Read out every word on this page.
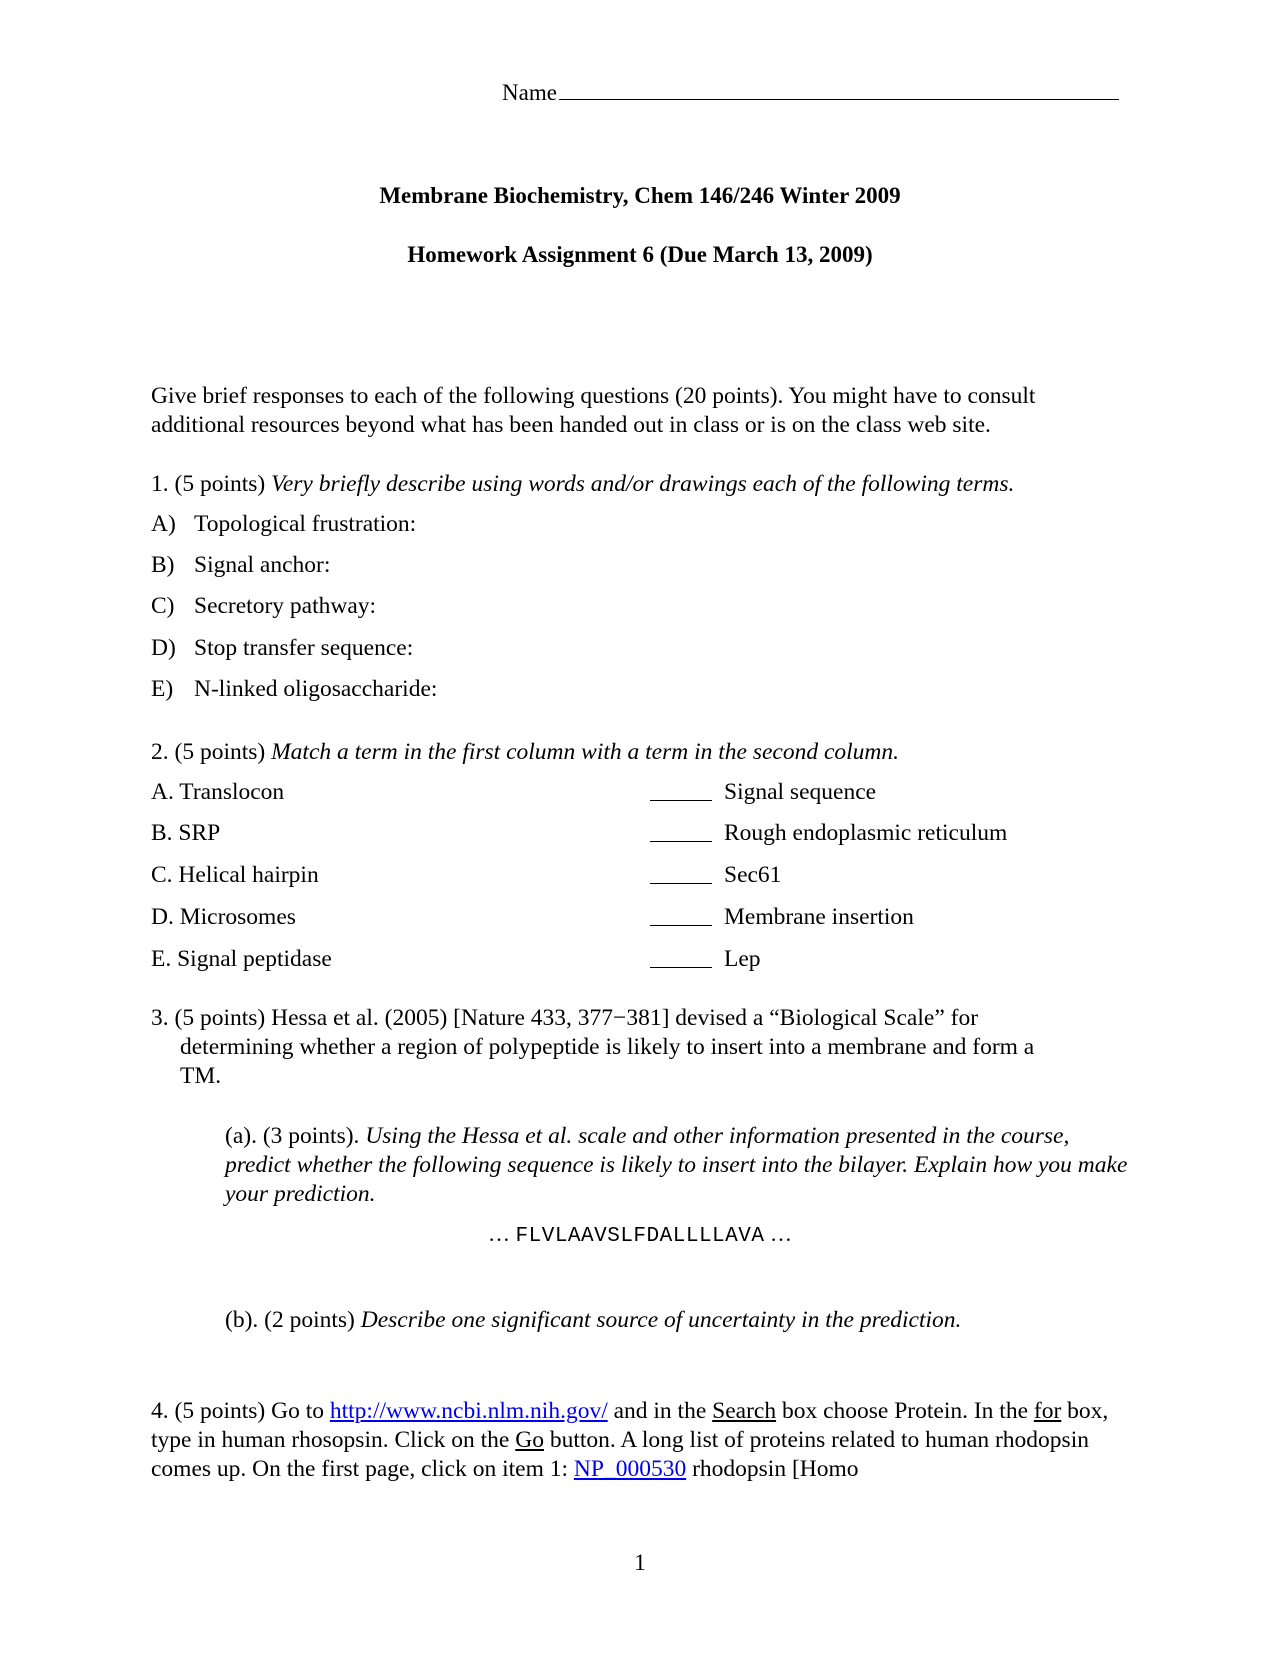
Name
Membrane Biochemistry, Chem 146/246 Winter 2009
Homework Assignment 6 (Due March 13, 2009)
Give brief responses to each of the following questions (20 points). You might have to consult additional resources beyond what has been handed out in class or is on the class web site.
1. (5 points) Very briefly describe using words and/or drawings each of the following terms.
A) Topological frustration:
B) Signal anchor:
C) Secretory pathway:
D) Stop transfer sequence:
E) N-linked oligosaccharide:
2. (5 points) Match a term in the first column with a term in the second column.
A. Translocon	Signal sequence
B. SRP	Rough endoplasmic reticulum
C. Helical hairpin	Sec61
D. Microsomes	Membrane insertion
E. Signal peptidase	Lep
3. (5 points) Hessa et al. (2005) [Nature 433, 377−381] devised a “Biological Scale” for
determining whether a region of polypeptide is likely to insert into a membrane and form a
TM.
(a). (3 points). Using the Hessa et al. scale and other information presented in the course, predict whether the following sequence is likely to insert into the bilayer. Explain how you make your prediction.
… FLVLAAVSLFDALLLLAVA …
(b). (2 points) Describe one significant source of uncertainty in the prediction.
4. (5 points) Go to http://www.ncbi.nlm.nih.gov/ and in the Search box choose Protein. In the for box, type in human rhosopsin. Click on the Go button. A long list of proteins related to human rhodopsin comes up. On the first page, click on item 1: NP_000530 rhodopsin [Homo
1
